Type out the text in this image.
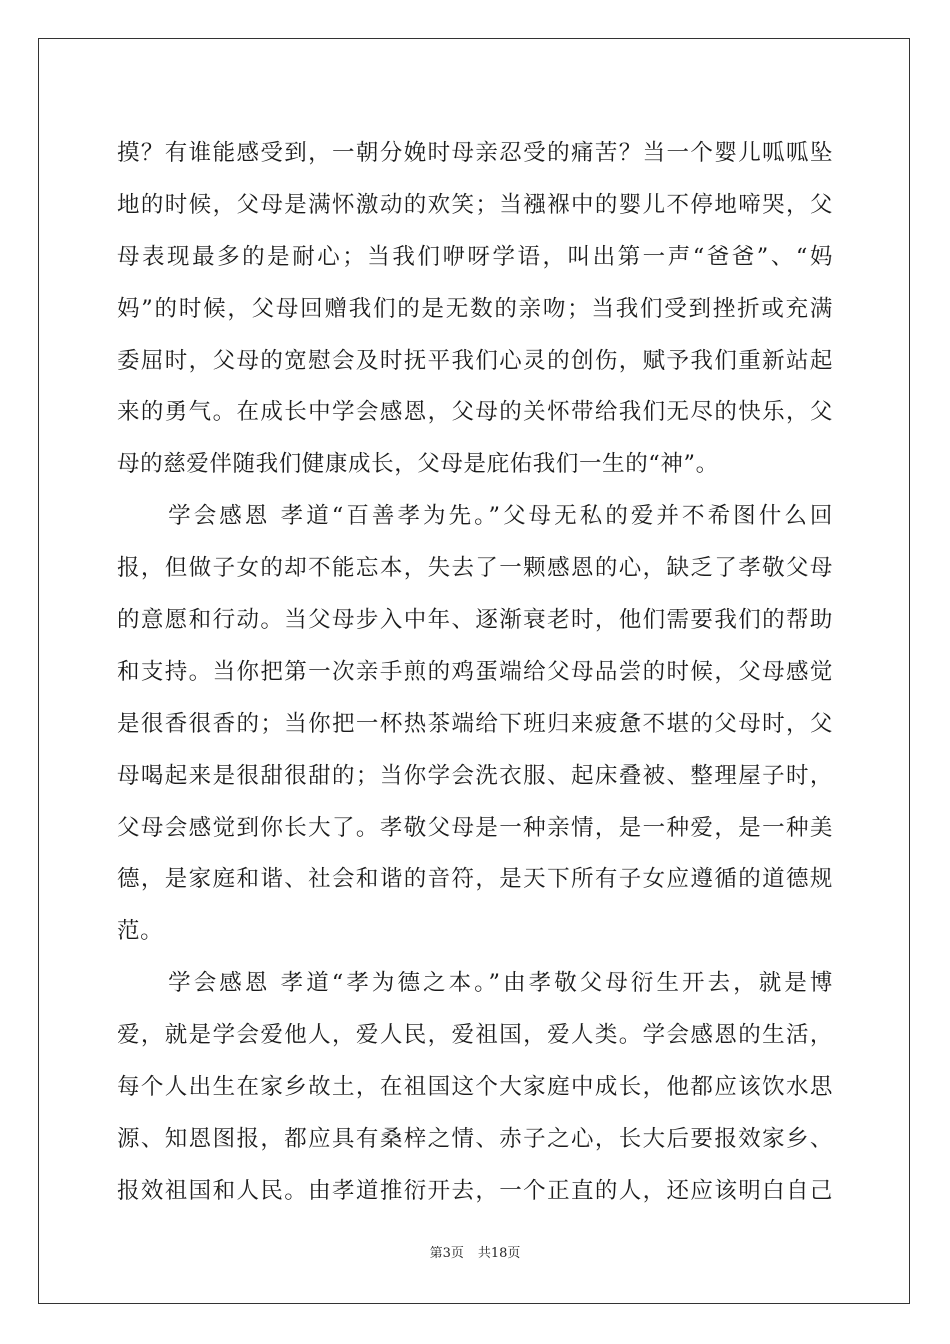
摸？有谁能感受到，一朝分娩时母亲忍受的痛苦？当一个婴儿呱呱坠
地的时候，父母是满怀激动的欢笑；当襁褓中的婴儿不停地啼哭，父
母表现最多的是耐心；当我们咿呀学语，叫出第一声“爸爸”、“妈
妈”的时候，父母回赠我们的是无数的亲吻；当我们受到挫折或充满
委屈时，父母的宽慰会及时抚平我们心灵的创伤，赋予我们重新站起
来的勇气。在成长中学会感恩，父母的关怀带给我们无尽的快乐，父
母的慈爱伴随我们健康成长，父母是庇佑我们一生的“神”。
　　学会感恩 孝道“百善孝为先。”父母无私的爱并不希图什么回
报，但做子女的却不能忘本，失去了一颗感恩的心，缺乏了孝敬父母
的意愿和行动。当父母步入中年、逐渐衰老时，他们需要我们的帮助
和支持。当你把第一次亲手煎的鸡蛋端给父母品尝的时候，父母感觉
是很香很香的；当你把一杯热茶端给下班归来疲惫不堪的父母时，父
母喝起来是很甜很甜的；当你学会洗衣服、起床叠被、整理屋子时，
父母会感觉到你长大了。孝敬父母是一种亲情，是一种爱，是一种美
德，是家庭和谐、社会和谐的音符，是天下所有子女应遵循的道德规
范。
　　学会感恩 孝道“孝为德之本。”由孝敬父母衍生开去，就是博
爱，就是学会爱他人，爱人民，爱祖国，爱人类。学会感恩的生活，
每个人出生在家乡故土，在祖国这个大家庭中成长，他都应该饮水思
源、知恩图报，都应具有桑梓之情、赤子之心，长大后要报效家乡、
报效祖国和人民。由孝道推衍开去，一个正直的人，还应该明白自己
第3页 共18页
